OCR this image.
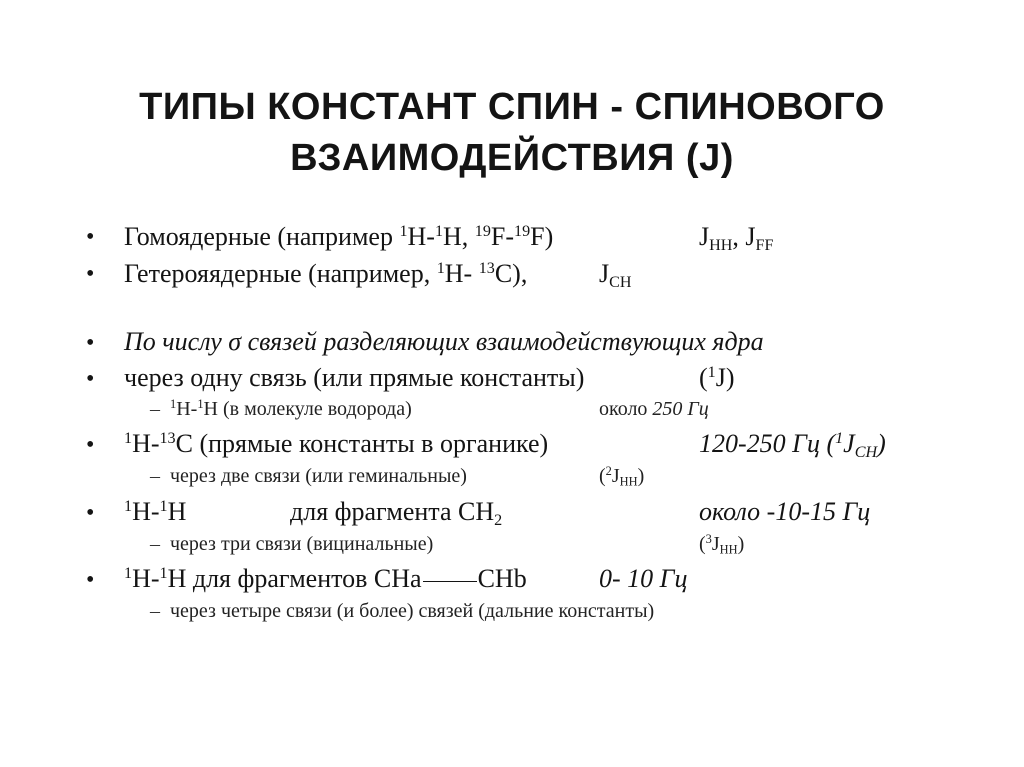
ТИПЫ КОНСТАНТ СПИН - СПИНОВОГО
ВЗАИМОДЕЙСТВИЯ (J)
• Гомоядерные (например $^1$H-$^1$H, $^{19}$F-$^{19}$F)	$J_{HH}$, $J_{FF}$
• Гетерояядерные (например, $^1$H- $^{13}$C),	$J_{CH}$
• По числу σ связей разделяющих взаимодействующих ядра
• через одну связь (или прямые константы)	($^1$J)
– $^1$H-$^1$H (в молекуле водорода)	около 250 Гц
• $^1$H-$^{13}$C (прямые константы в органике)	120-250 Гц $(^1J_{CH})$
– через две связи (или геминальные)	$(^2J_{HH})$
• $^1$H-$^1$H	для фрагмента $CH_2$	около -10-15 Гц
– через три связи (вицинальные)	$(^3J_{HH})$
• $^1$H-$^1$H для фрагментов CHa CHb	0- 10 Гц
– через четыре связи (и более) связей (дальние константы)
